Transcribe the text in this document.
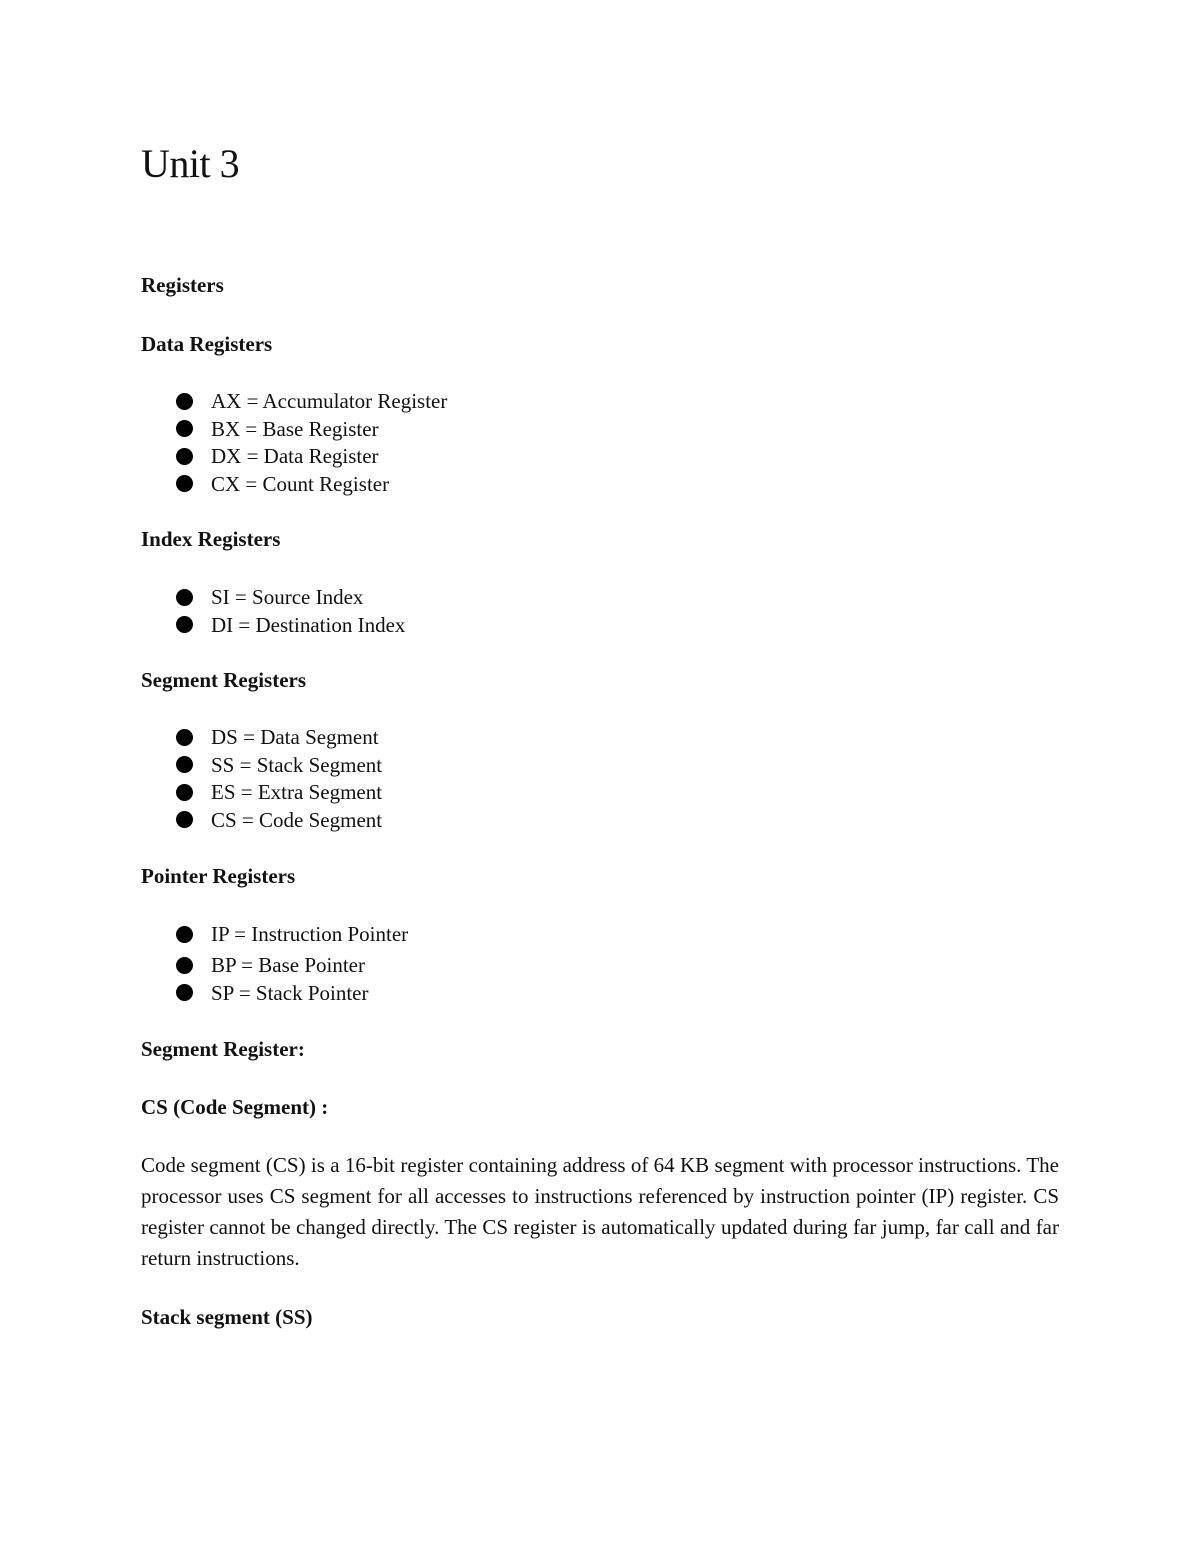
Unit 3
Registers
Data Registers
AX = Accumulator Register
BX = Base Register
DX = Data Register
CX = Count Register
Index Registers
SI = Source Index
DI = Destination Index
Segment Registers
DS = Data Segment
SS = Stack Segment
ES = Extra Segment
CS = Code Segment
Pointer Registers
IP = Instruction Pointer
BP = Base Pointer
SP = Stack Pointer
Segment Register:
CS (Code Segment) :

Code segment (CS) is a 16-bit register containing address of 64 KB segment with processor instructions. The processor uses CS segment for all accesses to instructions referenced by instruction pointer (IP) register. CS register cannot be changed directly. The CS register is automatically updated during far jump, far call and far return instructions.

Stack segment (SS)
